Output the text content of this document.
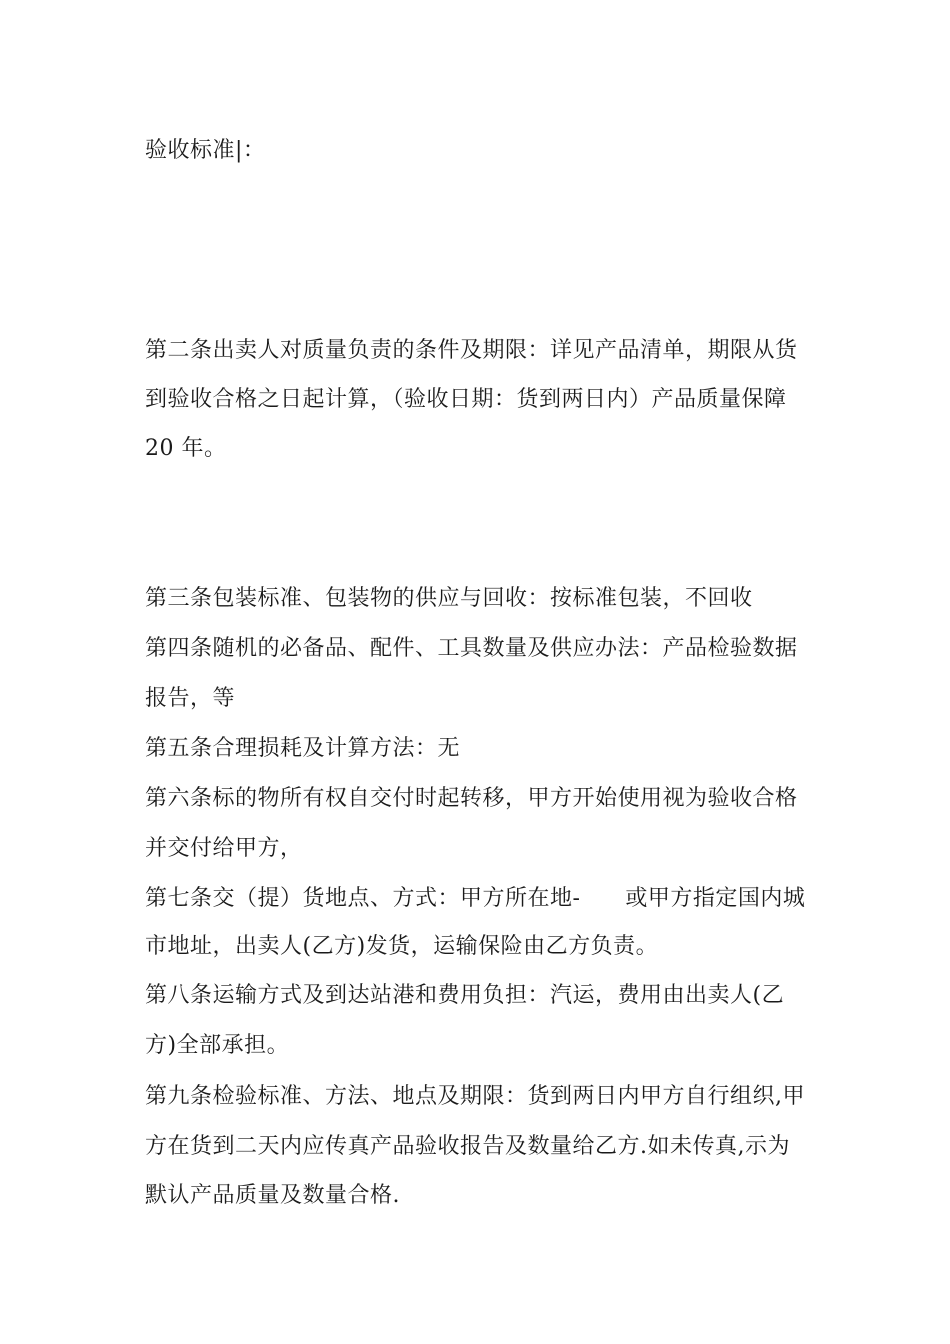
验收标准|：
第二条出卖人对质量负责的条件及期限：详见产品清单，期限从货
到验收合格之日起计算，（验收日期：货到两日内）产品质量保障
20 年。
第三条包装标准、包装物的供应与回收：按标准包装，不回收
第四条随机的必备品、配件、工具数量及供应办法：产品检验数据
报告，等
第五条合理损耗及计算方法：无
第六条标的物所有权自交付时起转移，甲方开始使用视为验收合格
并交付给甲方，
第七条交（提）货地点、方式：甲方所在地-      或甲方指定国内城
市地址，出卖人(乙方)发货，运输保险由乙方负责。
第八条运输方式及到达站港和费用负担：汽运，费用由出卖人(乙
方)全部承担。
第九条检验标准、方法、地点及期限：货到两日内甲方自行组织,甲
方在货到二天内应传真产品验收报告及数量给乙方.如未传真,示为
默认产品质量及数量合格.
